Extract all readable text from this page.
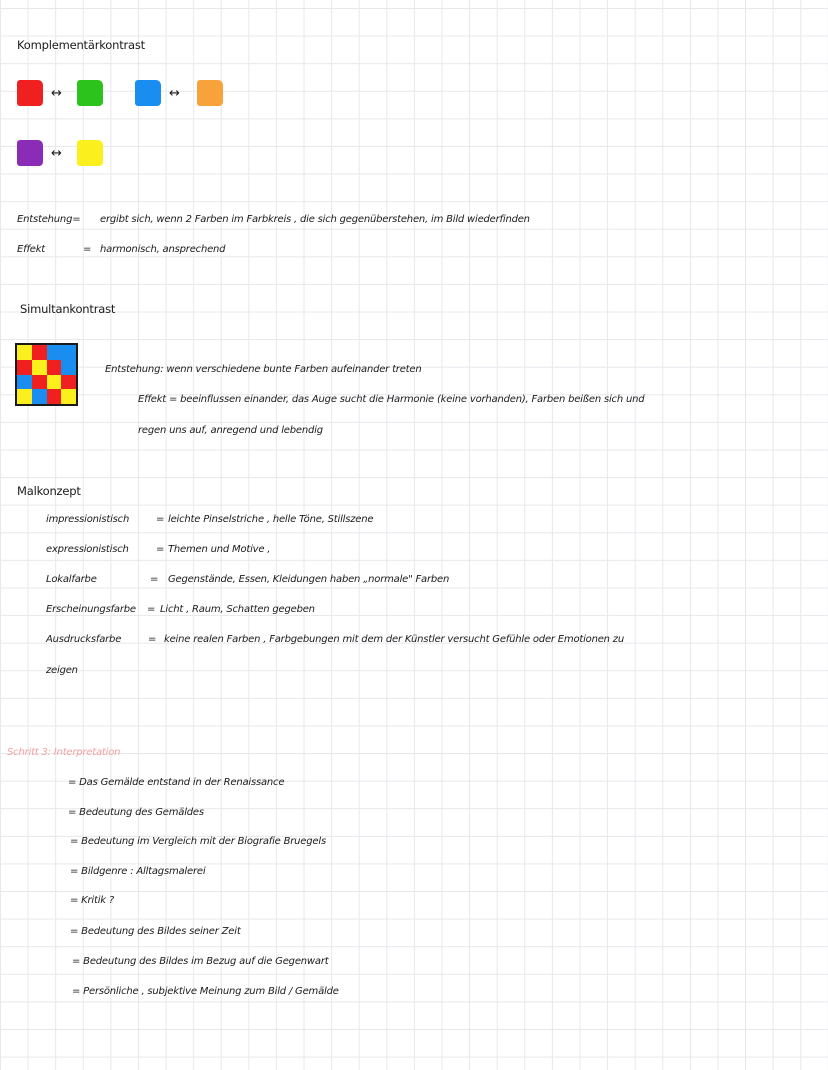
Komplementärkontrast
↔	↔
↔
Entstehung= ergibt sich, wenn 2 Farben im Farbkreis , die sich gegenüberstehen, im Bild wiederfinden
Effekt	= harmonisch, ansprechend
Simultankontrast
Entstehung: wenn verschiedene bunte Farben aufeinander treten
Effekt = beeinflussen einander, das Auge sucht die Harmonie (keine vorhanden), Farben beißen sich und
regen uns auf, anregend und lebendig
Malkonzept
impressionistisch	= leichte Pinselstriche , helle Töne, Stillszene
expressionistisch	= Themen und Motive ,
Lokalfarbe	= Gegenstände, Essen, Kleidungen haben „normale" Farben
Erscheinungsfarbe = Licht , Raum, Schatten gegeben
Ausdrucksfarbe	= keine realen Farben , Farbgebungen mit dem der Künstler versucht Gefühle oder Emotionen zu
zeigen
Schritt 3: Interpretation
= Das Gemälde entstand in der Renaissance
= Bedeutung des Gemäldes
= Bedeutung im Vergleich mit der Biografie Bruegels
= Bildgenre : Alltagsmalerei
= Kritik ?
= Bedeutung des Bildes seiner Zeit
= Bedeutung des Bildes im Bezug auf die Gegenwart
= Persönliche , subjektive Meinung zum Bild / Gemälde
